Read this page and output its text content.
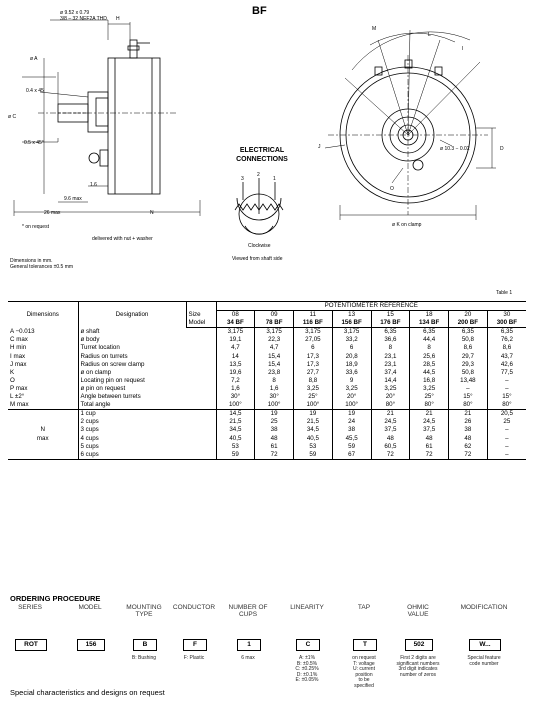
BF
ø 9.52 x 0.79
3/8 – 32 NEF2A THD H
ø A
0.4 x 45
ø C
0.5 x 45°
1.6
9.6 max
26 max	N
* on request
delivered with nut + washer
M
L
I
J	D
ø 10.3 − 0.02
O
ø K on clamp
ELECTRICAL
CONNECTIONS
3
2
1
Clockwise
Viewed from shaft side
Dimensions in mm.
General tolerances ±0.5 mm
Table 1
Dimensions	Designation		POTENTIOMETER REFERENCE							
		Size	08	09	11	13	15	18	20	30
		Model	34 BF	78 BF	116 BF	156 BF	176 BF	134 BF	200 BF	300 BF
A −0.013	ø shaft		3,175	3,175	3,175	3,175	6,35	6,35	6,35	6,35
C max	ø body		19,1	22,3	27,05	33,2	36,6	44,4	50,8	76,2
H min	Turret location		4,7	4,7	6	6	8	8	8,6	8,6
I max	Radius on turrets		14	15,4	17,3	20,8	23,1	25,6	29,7	43,7
J max	Radius on screw clamp		13,5	15,4	17,3	18,9	23,1	28,5	29,3	42,6
K	ø on clamp		19,6	23,8	27,7	33,6	37,4	44,5	50,8	77,5
O	Locating pin on request		7,2	8	8,8	9	14,4	16,8	13,48	–
P max	ø pin on request		1,6	1,6	3,25	3,25	3,25	3,25	–	–
L ±2°	Angle between turrets		30°	30°	25°	20°	20°	25°	15°	15°
M max	Total angle		100°	100°	100°	100°	80°	80°	80°	80°
	1 cup		14,5	19	19	19	21	21	21	20,5
	2 cups		21,5	25	21,5	24	24,5	24,5	26	25
N	3 cups		34,5	38	34,5	38	37,5	37,5	38	–
max	4 cups		40,5	48	40,5	45,5	48	48	48	–
	5 cups		53	61	53	59	60,5	61	62	–
	6 cups		59	72	59	67	72	72	72	–
ORDERING PROCEDURE
SERIES
ROT
MODEL
156
MOUNTING TYPE
B
B: Bushing
CONDUCTOR
F
F: Plastic
NUMBER OF CUPS
1
6 max
LINEARITY
C
A: ±1%
B: ±0.5%
C: ±0.25%
D: ±0.1%
E: ±0.05%
TAP
T
on request
T: voltage
U: current
position
to be
specified
OHMIC VALUE
502
First 2 digits are
significant numbers
3rd digit indicates
number of zeros
MODIFICATION
W...
Special feature
code number
Special characteristics and designs on request
